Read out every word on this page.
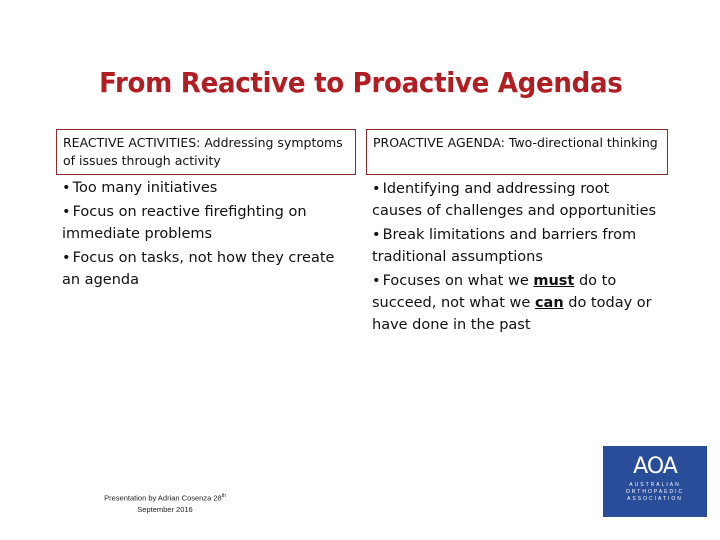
From Reactive to Proactive Agendas
REACTIVE ACTIVITIES: Addressing symptoms of issues through activity
PROACTIVE AGENDA: Two-directional thinking
• Too many initiatives
• Focus on reactive firefighting on immediate problems
• Focus on tasks, not how they create an agenda
• Identifying and addressing root causes of challenges and opportunities
• Break limitations and barriers from traditional assumptions
• Focuses on what we must do to succeed, not what we can do today or have done in the past
Presentation by Adrian Cosenza 28th
September 2016
AOA
AUSTRALIAN
ORTHOPAEDIC
ASSOCIATION
